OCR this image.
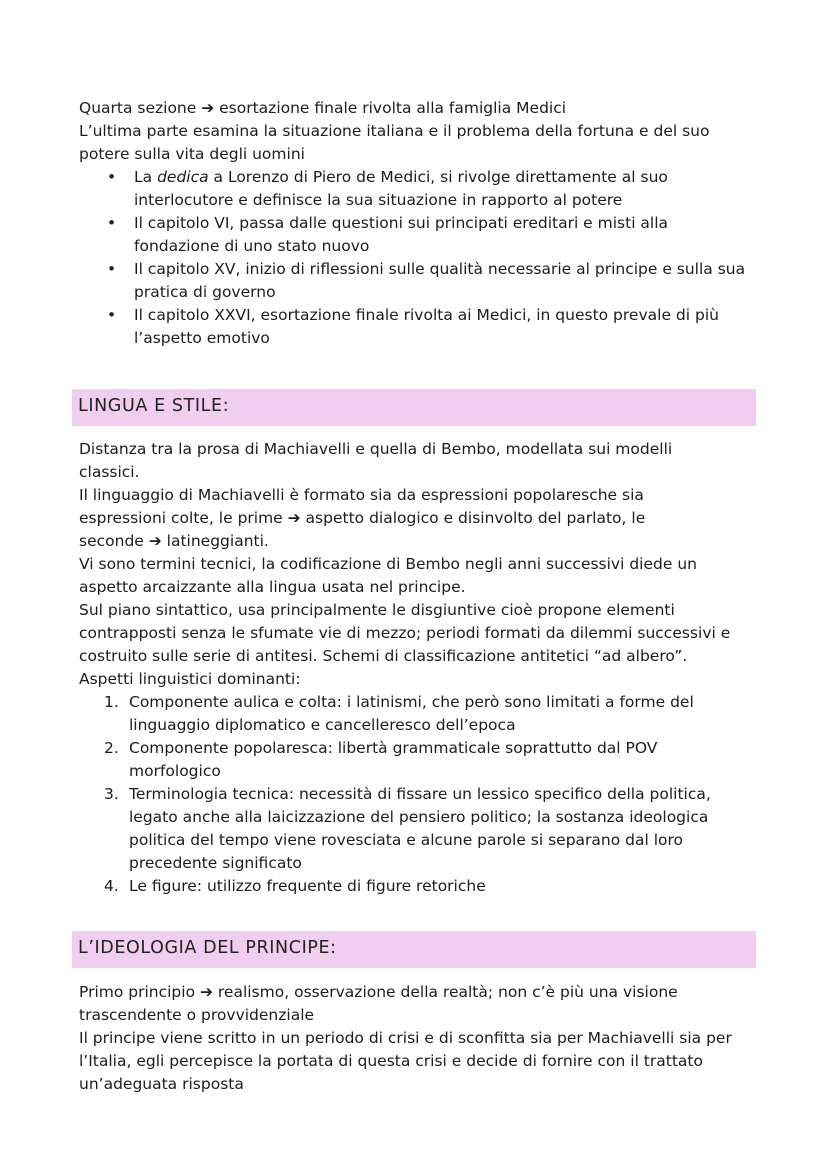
Quarta sezione ➔ esortazione finale rivolta alla famiglia Medici

L’ultima parte esamina la situazione italiana e il problema della fortuna e del suo

potere sulla vita degli uomini

• La dedica a Lorenzo di Piero de Medici, si rivolge direttamente al suo
interlocutore e definisce la sua situazione in rapporto al potere
• Il capitolo VI, passa dalle questioni sui principati ereditari e misti alla
fondazione di uno stato nuovo
• Il capitolo XV, inizio di riflessioni sulle qualità necessarie al principe e sulla sua
pratica di governo
• Il capitolo XXVI, esortazione finale rivolta ai Medici, in questo prevale di più
l’aspetto emotivo
LINGUA E STILE:

Distanza tra la prosa di Machiavelli e quella di Bembo, modellata sui modelli

classici.

Il linguaggio di Machiavelli è formato sia da espressioni popolaresche sia

espressioni colte, le prime ➔ aspetto dialogico e disinvolto del parlato, le

seconde ➔ latineggianti.

Vi sono termini tecnici, la codificazione di Bembo negli anni successivi diede un

aspetto arcaizzante alla lingua usata nel principe.

Sul piano sintattico, usa principalmente le disgiuntive cioè propone elementi

contrapposti senza le sfumate vie di mezzo; periodi formati da dilemmi successivi e

costruito sulle serie di antitesi. Schemi di classificazione antitetici “ad albero”.

Aspetti linguistici dominanti:

1. Componente aulica e colta: i latinismi, che però sono limitati a forme del
linguaggio diplomatico e cancelleresco dell’epoca
2. Componente popolaresca: libertà grammaticale soprattutto dal POV
morfologico
3. Terminologia tecnica: necessità di fissare un lessico specifico della politica,
legato anche alla laicizzazione del pensiero politico; la sostanza ideologica
politica del tempo viene rovesciata e alcune parole si separano dal loro
precedente significato
4. Le figure: utilizzo frequente di figure retoriche
L’IDEOLOGIA DEL PRINCIPE:

Primo principio ➔ realismo, osservazione della realtà; non c’è più una visione

trascendente o provvidenziale

Il principe viene scritto in un periodo di crisi e di sconfitta sia per Machiavelli sia per

l’Italia, egli percepisce la portata di questa crisi e decide di fornire con il trattato

un’adeguata risposta
